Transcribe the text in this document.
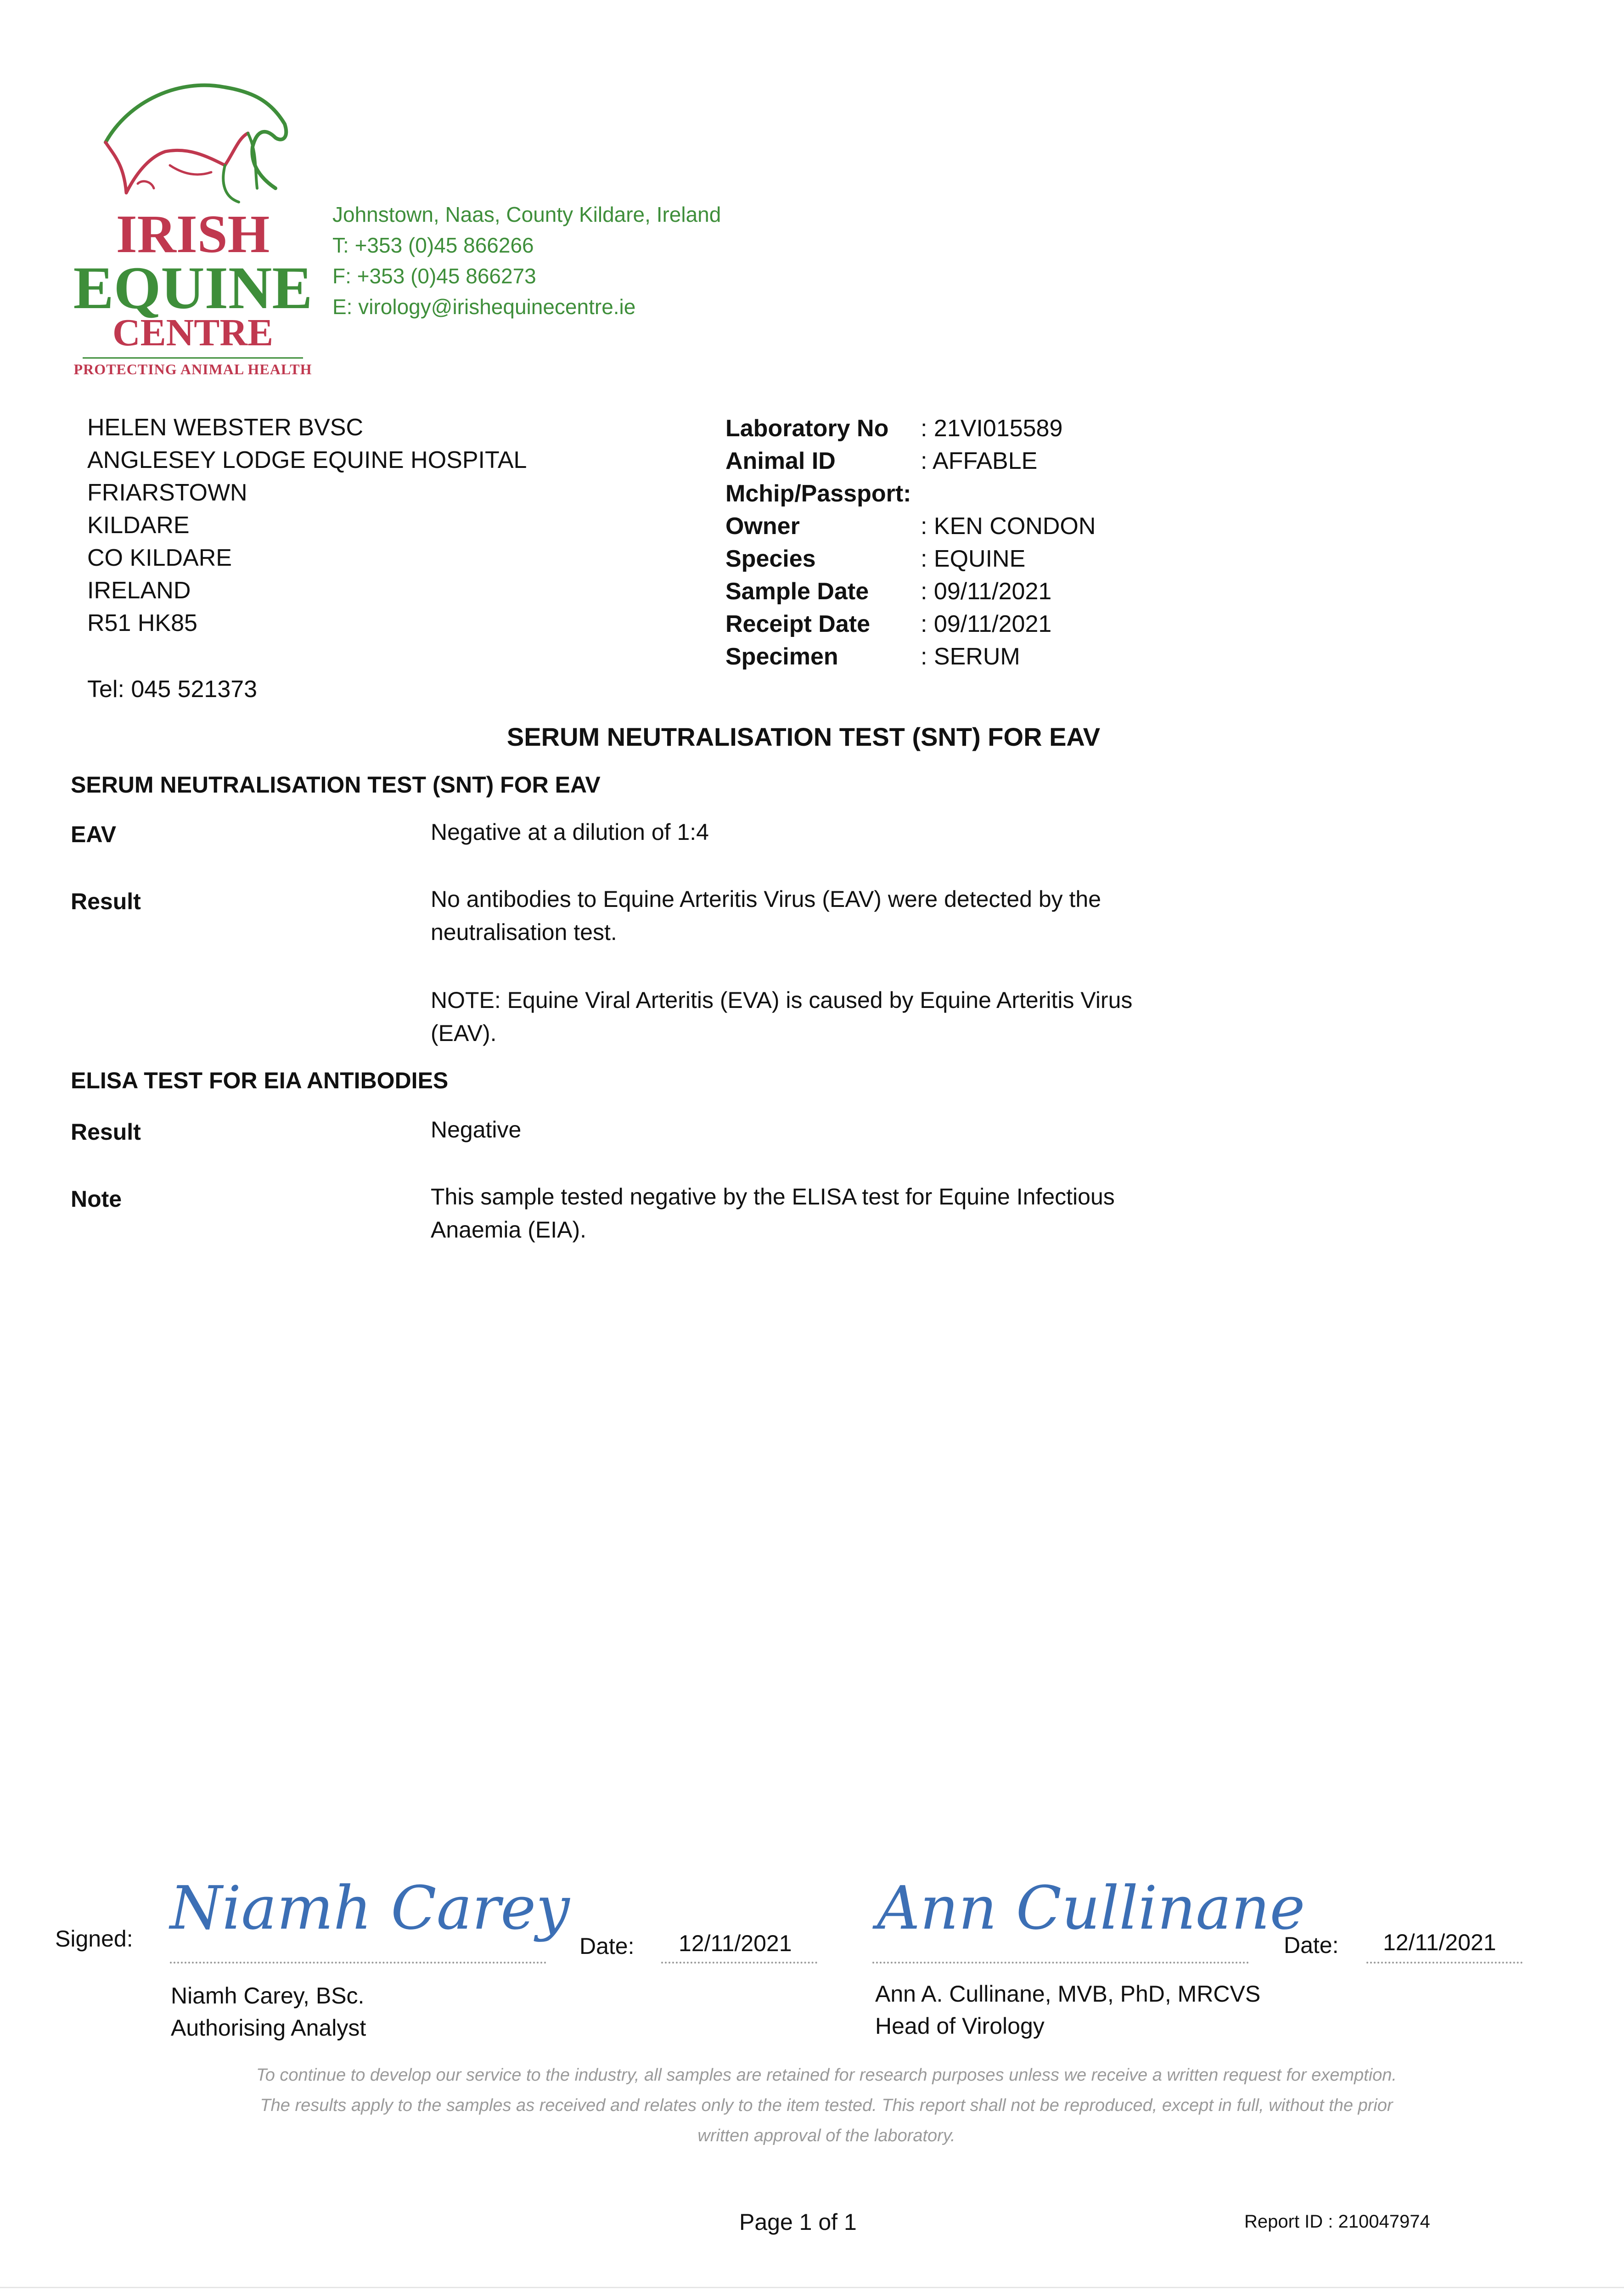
IRISH
EQUINE
CENTRE
PROTECTING ANIMAL HEALTH
Johnstown, Naas, County Kildare, Ireland
T: +353 (0)45 866266
F: +353 (0)45 866273
E: virology@irishequinecentre.ie
HELEN WEBSTER BVSC
ANGLESEY LODGE EQUINE HOSPITAL
FRIARSTOWN
KILDARE
CO KILDARE
IRELAND
R51 HK85
Tel: 045 521373
Laboratory No : 21VI015589
Animal ID	: AFFABLE
Mchip/Passport:
Owner	: KEN CONDON
Species	: EQUINE
Sample Date : 09/11/2021
Receipt Date : 09/11/2021
Specimen	: SERUM
SERUM NEUTRALISATION TEST (SNT) FOR EAV
SERUM NEUTRALISATION TEST (SNT) FOR EAV
EAV	Negative at a dilution of 1:4
Result	No antibodies to Equine Arteritis Virus (EAV) were detected by the
neutralisation test.
NOTE: Equine Viral Arteritis (EVA) is caused by Equine Arteritis Virus
(EAV).
ELISA TEST FOR EIA ANTIBODIES
Result	Negative
Note	This sample tested negative by the ELISA test for Equine Infectious
Anaemia (EIA).
Signed: Niamh Carey
Date: 12/11/2021
Niamh Carey, BSc.
Authorising Analyst
Ann Cullinane
Date: 12/11/2021
Ann A. Cullinane, MVB, PhD, MRCVS
Head of Virology
To continue to develop our service to the industry, all samples are retained for research purposes unless we receive a written request for exemption.
The results apply to the samples as received and relates only to the item tested. This report shall not be reproduced, except in full, without the prior
written approval of the laboratory.
Page 1 of 1	Report ID : 210047974
